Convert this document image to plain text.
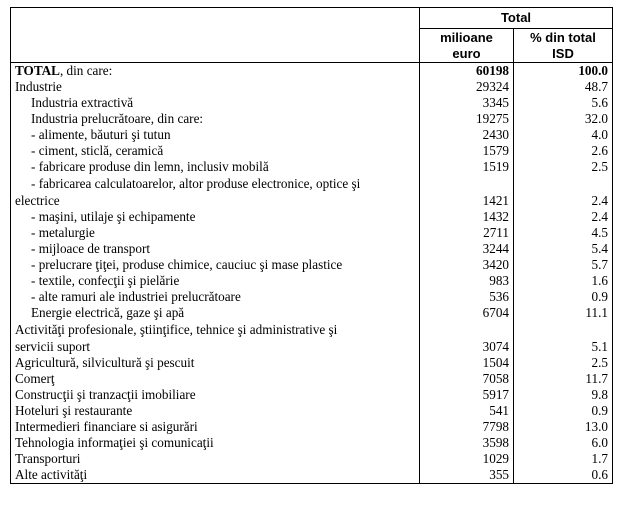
	Total	

	milioane euro	% din total ISD

TOTAL, din care:	60198	100.0
Industrie	29324	48.7
Industria extractivă	3345	5.6
Industria prelucrătoare, din care:	19275	32.0
- alimente, băuturi şi tutun	2430	4.0
- ciment, sticlă, ceramică	1579	2.6
- fabricare produse din lemn, inclusiv mobilă	1519	2.5

- fabricarea calculatoarelor, altor produse electronice, optice şi
electrice	1421	2.4
- maşini, utilaje şi echipamente	1432	2.4
- metalurgie	2711	4.5
- mijloace de transport	3244	5.4
- prelucrare ţiţei, produse chimice, cauciuc şi mase plastice	3420	5.7
- textile, confecţii şi pielărie	983	1.6
- alte ramuri ale industriei prelucrătoare	536	0.9
Energie electrică, gaze şi apă	6704	11.1

Activităţi profesionale, ştiinţifice, tehnice şi administrative şi
servicii suport	3074	5.1
Agricultură, silvicultură şi pescuit	1504	2.5
Comerţ	7058	11.7
Construcţii şi tranzacţii imobiliare	5917	9.8
Hoteluri şi restaurante	541	0.9
Intermedieri financiare si asigurări	7798	13.0
Tehnologia informaţiei şi comunicaţii	3598	6.0
Transporturi	1029	1.7
Alte activităţi	355	0.6
